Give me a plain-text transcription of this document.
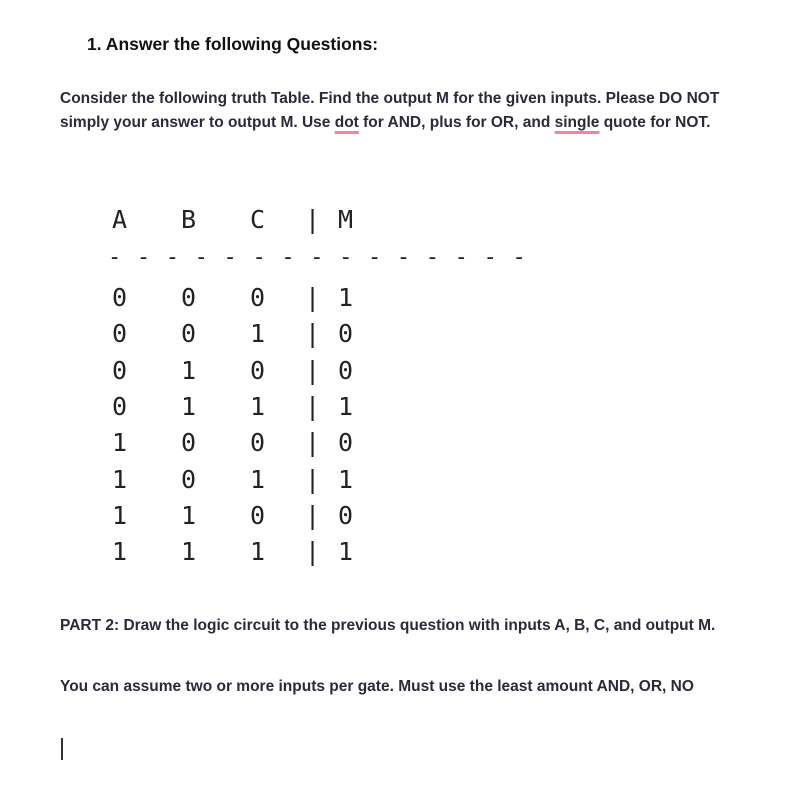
1. Answer the following Questions:
Consider the following truth Table. Find the output M for the given inputs. Please DO NOT simply your answer to output M. Use dot for AND, plus for OR, and single quote for NOT.
A B C | M
- - - - - - - - - - - - - - -
0 0 0	1
|
0 0 1	0
|
0 1 0	0
|
0 1 1	1
|
1 0 0	0
|
1 0 1	1
|
1 1 0	0
|
1 1 1	1
|
PART 2: Draw the logic circuit to the previous question with inputs A, B, C, and output M.
You can assume two or more inputs per gate. Must use the least amount AND, OR, NO
